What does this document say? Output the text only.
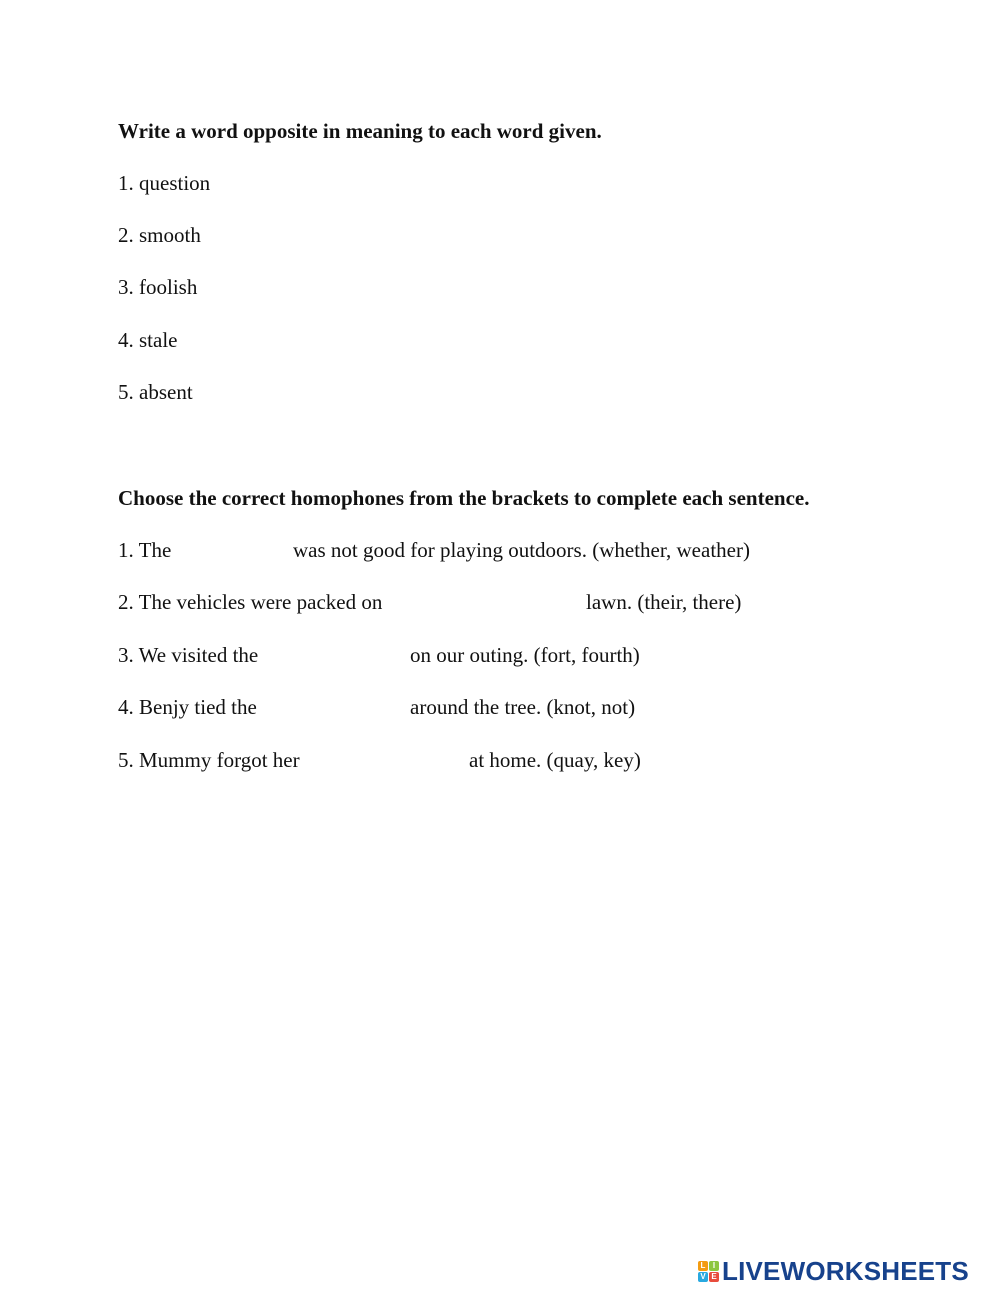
Write a word opposite in meaning to each word given.
1. question
2. smooth
3. foolish
4. stale
5. absent
Choose the correct homophones from the brackets to complete each sentence.
1. The	was not good for playing outdoors. (whether, weather)
2. The vehicles were packed on	lawn. (their, there)
3. We visited the	on our outing. (fort, fourth)
4. Benjy tied the	around the tree. (knot, not)
5. Mummy forgot her	at home. (quay, key)
L I
V E LIVEWORKSHEETS
